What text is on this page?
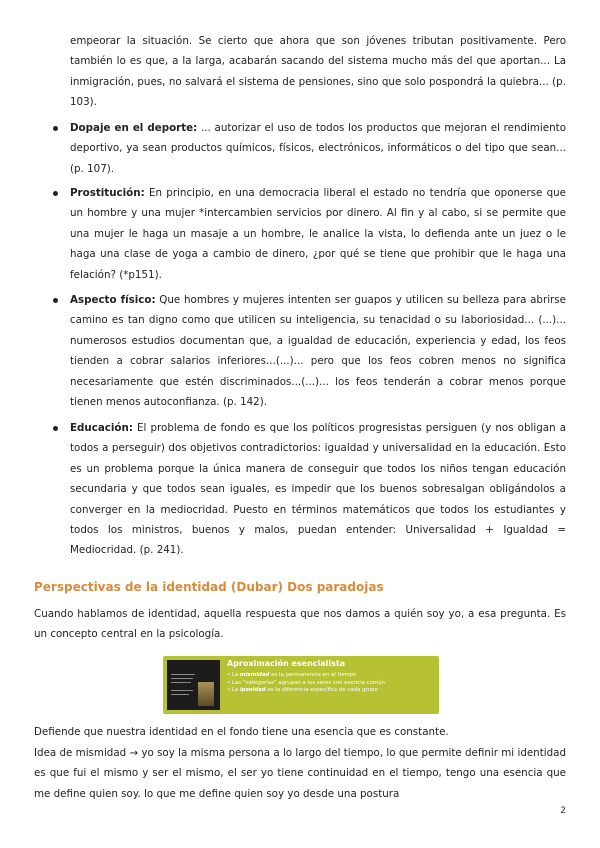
empeorar la situación. Se cierto que ahora que son jóvenes tributan positivamente. Pero también lo es que, a la larga, acabarán sacando del sistema mucho más del que aportan... La inmigración, pues, no salvará el sistema de pensiones, sino que solo pospondrá la quiebra... (p. 103).

Dopaje en el deporte: ... autorizar el uso de todos los productos que mejoran el rendimiento deportivo, ya sean productos químicos, físicos, electrónicos, informáticos o del tipo que sean... (p. 107).

Prostitución: En principio, en una democracia liberal el estado no tendría que oponerse que un hombre y una mujer *intercambien servicios por dinero. Al fin y al cabo, si se permite que una mujer le haga un masaje a un hombre, le analice la vista, lo defienda ante un juez o le haga una clase de yoga a cambio de dinero, ¿por qué se tiene que prohibir que le haga una felación? (*p151).

Aspecto físico: Que hombres y mujeres intenten ser guapos y utilicen su belleza para abrirse camino es tan digno como que utilicen su inteligencia, su tenacidad o su laboriosidad... (...)... numerosos estudios documentan que, a igualdad de educación, experiencia y edad, los feos tienden a cobrar salarios inferiores...(...)... pero que los feos cobren menos no significa necesariamente que estén discriminados...(...)... los feos tenderán a cobrar menos porque tienen menos autoconfianza. (p. 142).

Educación: El problema de fondo es que los políticos progresistas persiguen (y nos obligan a todos a perseguir) dos objetivos contradictorios: igualdad y universalidad en la educación. Esto es un problema porque la única manera de conseguir que todos los niños tengan educación secundaria y que todos sean iguales, es impedir que los buenos sobresalgan obligándolos a converger en la mediocridad. Puesto en términos matemáticos que todos los estudiantes y todos los ministros, buenos y malos, puedan entender: Universalidad + Igualdad = Mediocridad. (p. 241).

Perspectivas de la identidad (Dubar) Dos paradojas

Cuando hablamos de identidad, aquella respuesta que nos damos a quién soy yo, a esa pregunta. Es un concepto central en la psicología.

Aproximación esencialista
• La mismidad es la permanencia en el tiempo
• Las “categorías” agrupan a los seres con esencia común
• La ipseidad es la diferencia específica de cada grupo

Defiende que nuestra identidad en el fondo tiene una esencia que es constante.

Idea de mismidad → yo soy la misma persona a lo largo del tiempo, lo que permite definir mi identidad es que fui el mismo y ser el mismo, el ser yo tiene continuidad en el tiempo, tengo una esencia que me define quien soy. lo que me define quien soy yo desde una postura

2
